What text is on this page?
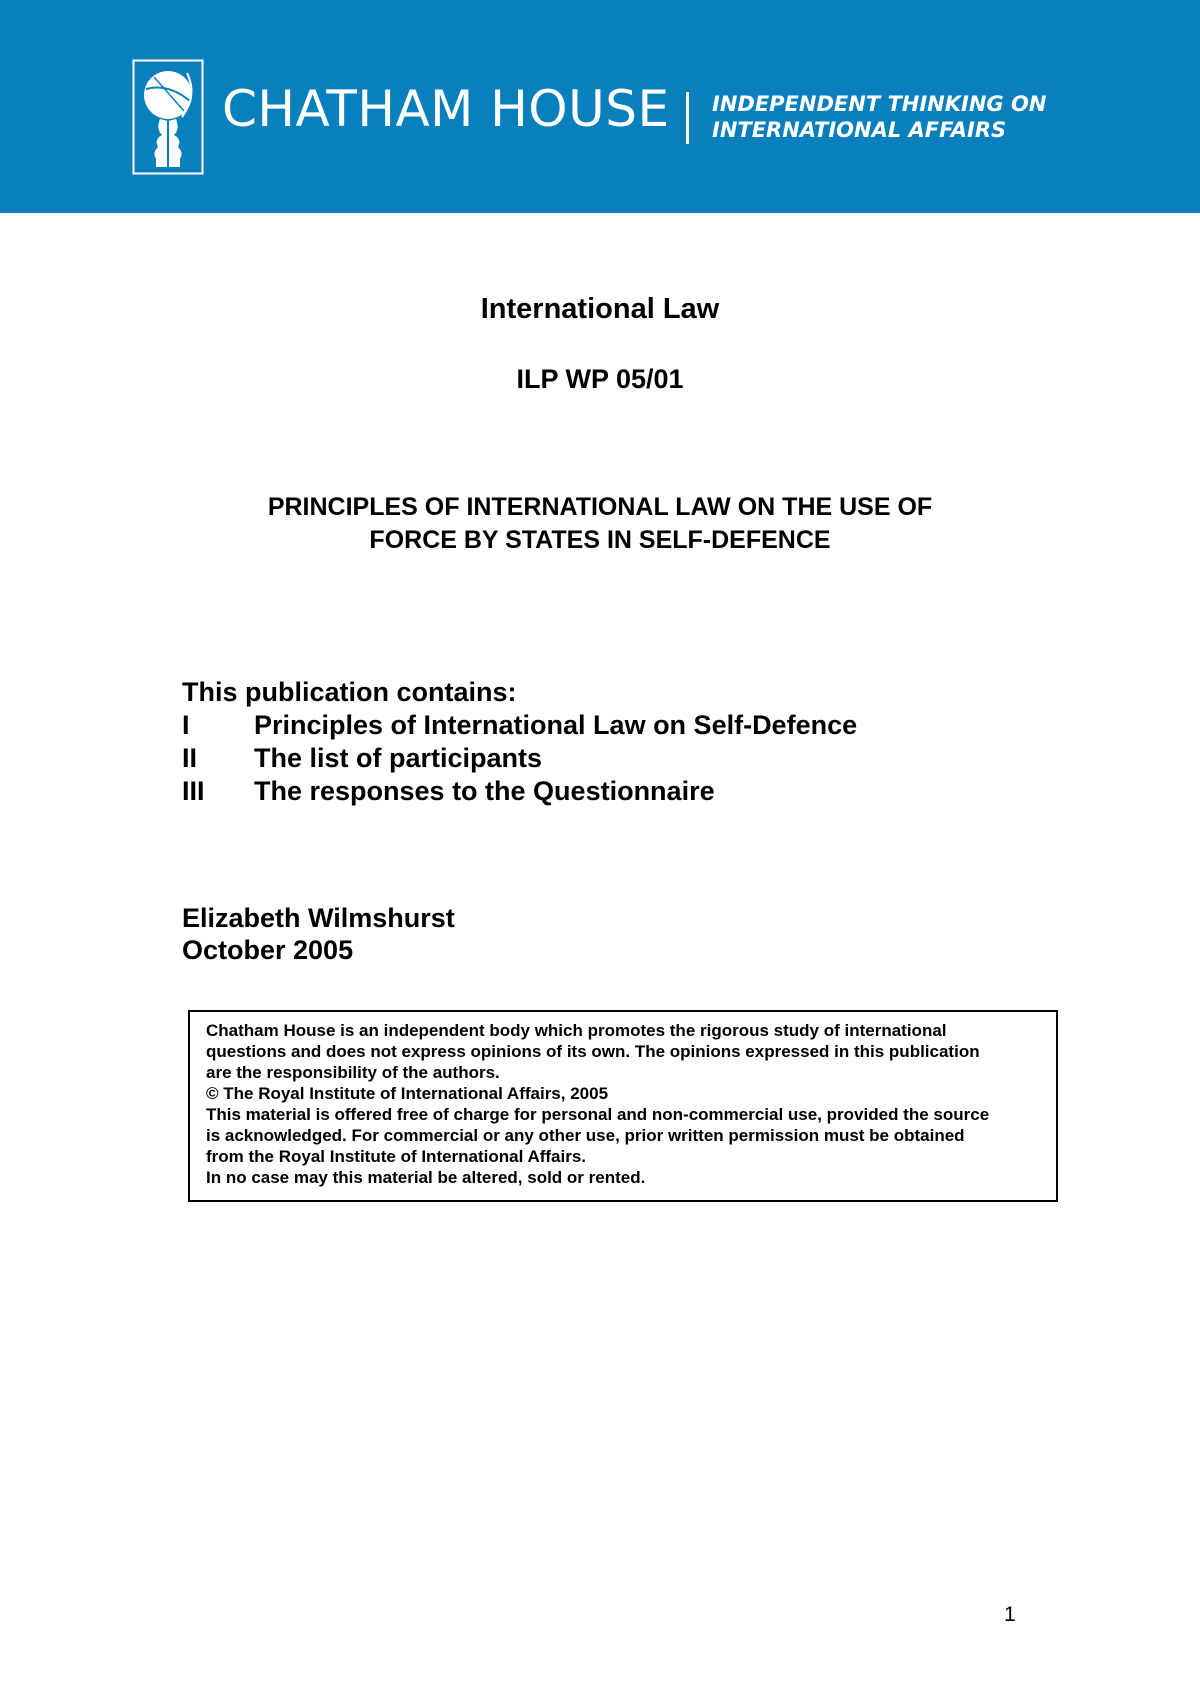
CHATHAM HOUSE INDEPENDENT THINKING ON
INTERNATIONAL AFFAIRS
International Law
ILP WP 05/01
PRINCIPLES OF INTERNATIONAL LAW ON THE USE OF
FORCE BY STATES IN SELF-DEFENCE
This publication contains:
I Principles of International Law on Self-Defence
II The list of participants
III The responses to the Questionnaire
Elizabeth Wilmshurst
October 2005
Chatham House is an independent body which promotes the rigorous study of international
questions and does not express opinions of its own. The opinions expressed in this publication
are the responsibility of the authors.
© The Royal Institute of International Affairs, 2005
This material is offered free of charge for personal and non-commercial use, provided the source
is acknowledged. For commercial or any other use, prior written permission must be obtained
from the Royal Institute of International Affairs.
In no case may this material be altered, sold or rented.
1
